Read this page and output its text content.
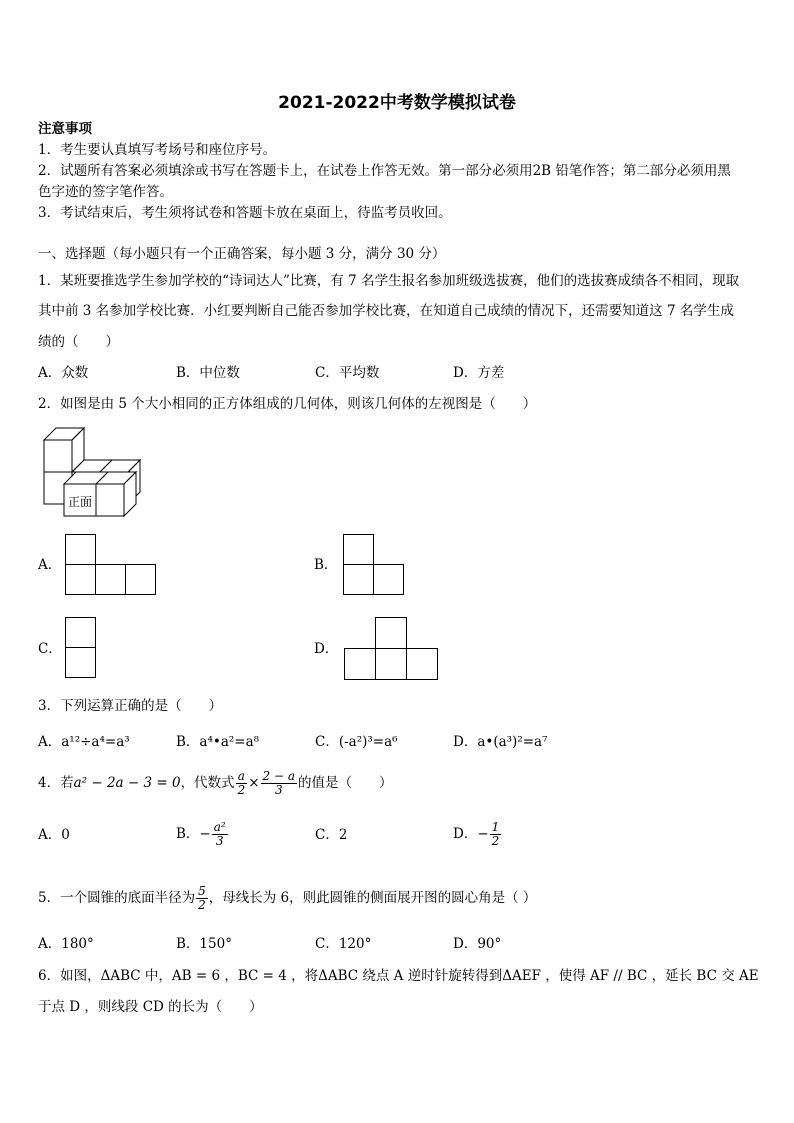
2021-2022中考数学模拟试卷
注意事项
1．考生要认真填写考场号和座位序号。
2．试题所有答案必须填涂或书写在答题卡上，在试卷上作答无效。第一部分必须用2B 铅笔作答；第二部分必须用黑
色字迹的签字笔作答。
3．考试结束后，考生须将试卷和答题卡放在桌面上，待监考员收回。
一、选择题（每小题只有一个正确答案，每小题 3 分，满分 30 分）
1．某班要推选学生参加学校的“诗词达人”比赛，有 7 名学生报名参加班级选拔赛，他们的选拔赛成绩各不相同，现取
其中前 3 名参加学校比赛．小红要判断自己能否参加学校比赛，在知道自己成绩的情况下，还需要知道这 7 名学生成
绩的（　　）
A．众数	B．中位数	C．平均数	D．方差
2．如图是由 5 个大小相同的正方体组成的几何体，则该几何体的左视图是（　　）
正面
A．	B．
C．	D．
3．下列运算正确的是（　　）
A．a¹²÷a⁴=a³	B．a⁴•a²=a⁸	C．(-a²)³=a⁶	D．a•(a³)²=a⁷
4．若a² − 2a − 3 = 0，代数式 $\frac{a}{2} \times \frac{2 - a}{3}$ 的值是（　　）
A．0	B．− $\frac{\text{a²}}{3}$	C．2	D．− $\frac{1}{2}$
5．一个圆锥的底面半径为 $\frac{5}{2}$ ，母线长为 6，则此圆锥的侧面展开图的圆心角是（ ）
A．180°	B．150°	C．120°	D．90°
6．如图，ΔABC 中，AB = 6 ，BC = 4 ，将ΔABC 绕点 A 逆时针旋转得到ΔAEF ，使得 AF // BC ，延长 BC 交 AE
于点 D ，则线段 CD 的长为（　　）
